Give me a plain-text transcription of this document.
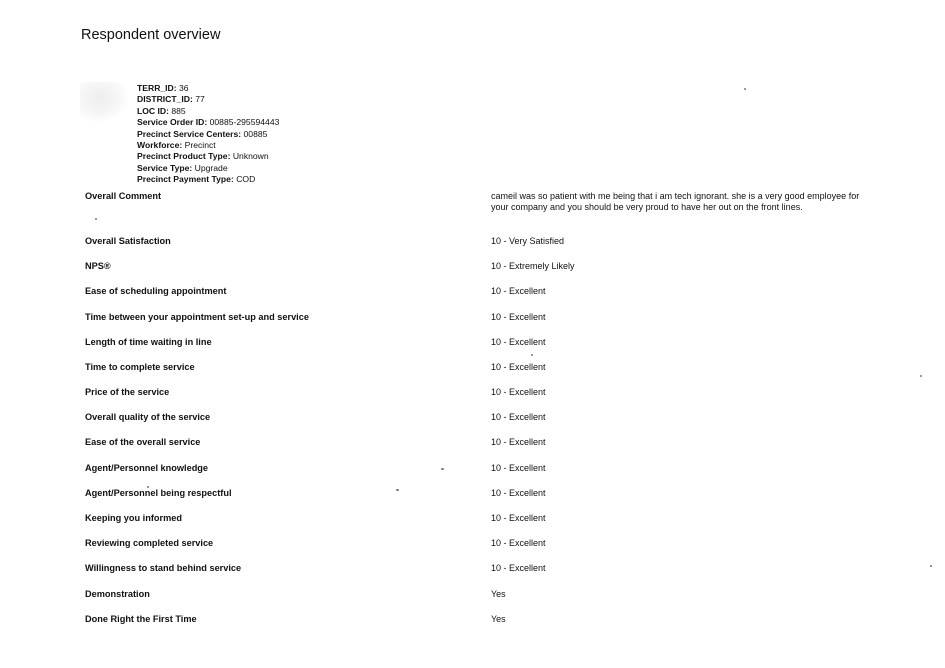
Respondent overview
TERR_ID: 36
DISTRICT_ID: 77
LOC ID: 885
Service Order ID: 00885-295594443
Precinct Service Centers: 00885
Workforce: Precinct
Precinct Product Type: Unknown
Service Type: Upgrade
Precinct Payment Type: COD
Overall Comment	cameil was so patient with me being that i am tech ignorant. she is a very good employee for your company and you should be very proud to have her out on the front lines.
Overall Satisfaction	10 - Very Satisfied
NPS®	10 - Extremely Likely
Ease of scheduling appointment	10 - Excellent
Time between your appointment set-up and service	10 - Excellent
Length of time waiting in line	10 - Excellent
Time to complete service	10 - Excellent
Price of the service	10 - Excellent
Overall quality of the service	10 - Excellent
Ease of the overall service	10 - Excellent
Agent/Personnel knowledge	10 - Excellent
Agent/Personnel being respectful	10 - Excellent
Keeping you informed	10 - Excellent
Reviewing completed service	10 - Excellent
Willingness to stand behind service	10 - Excellent
Demonstration	Yes
Done Right the First Time	Yes
